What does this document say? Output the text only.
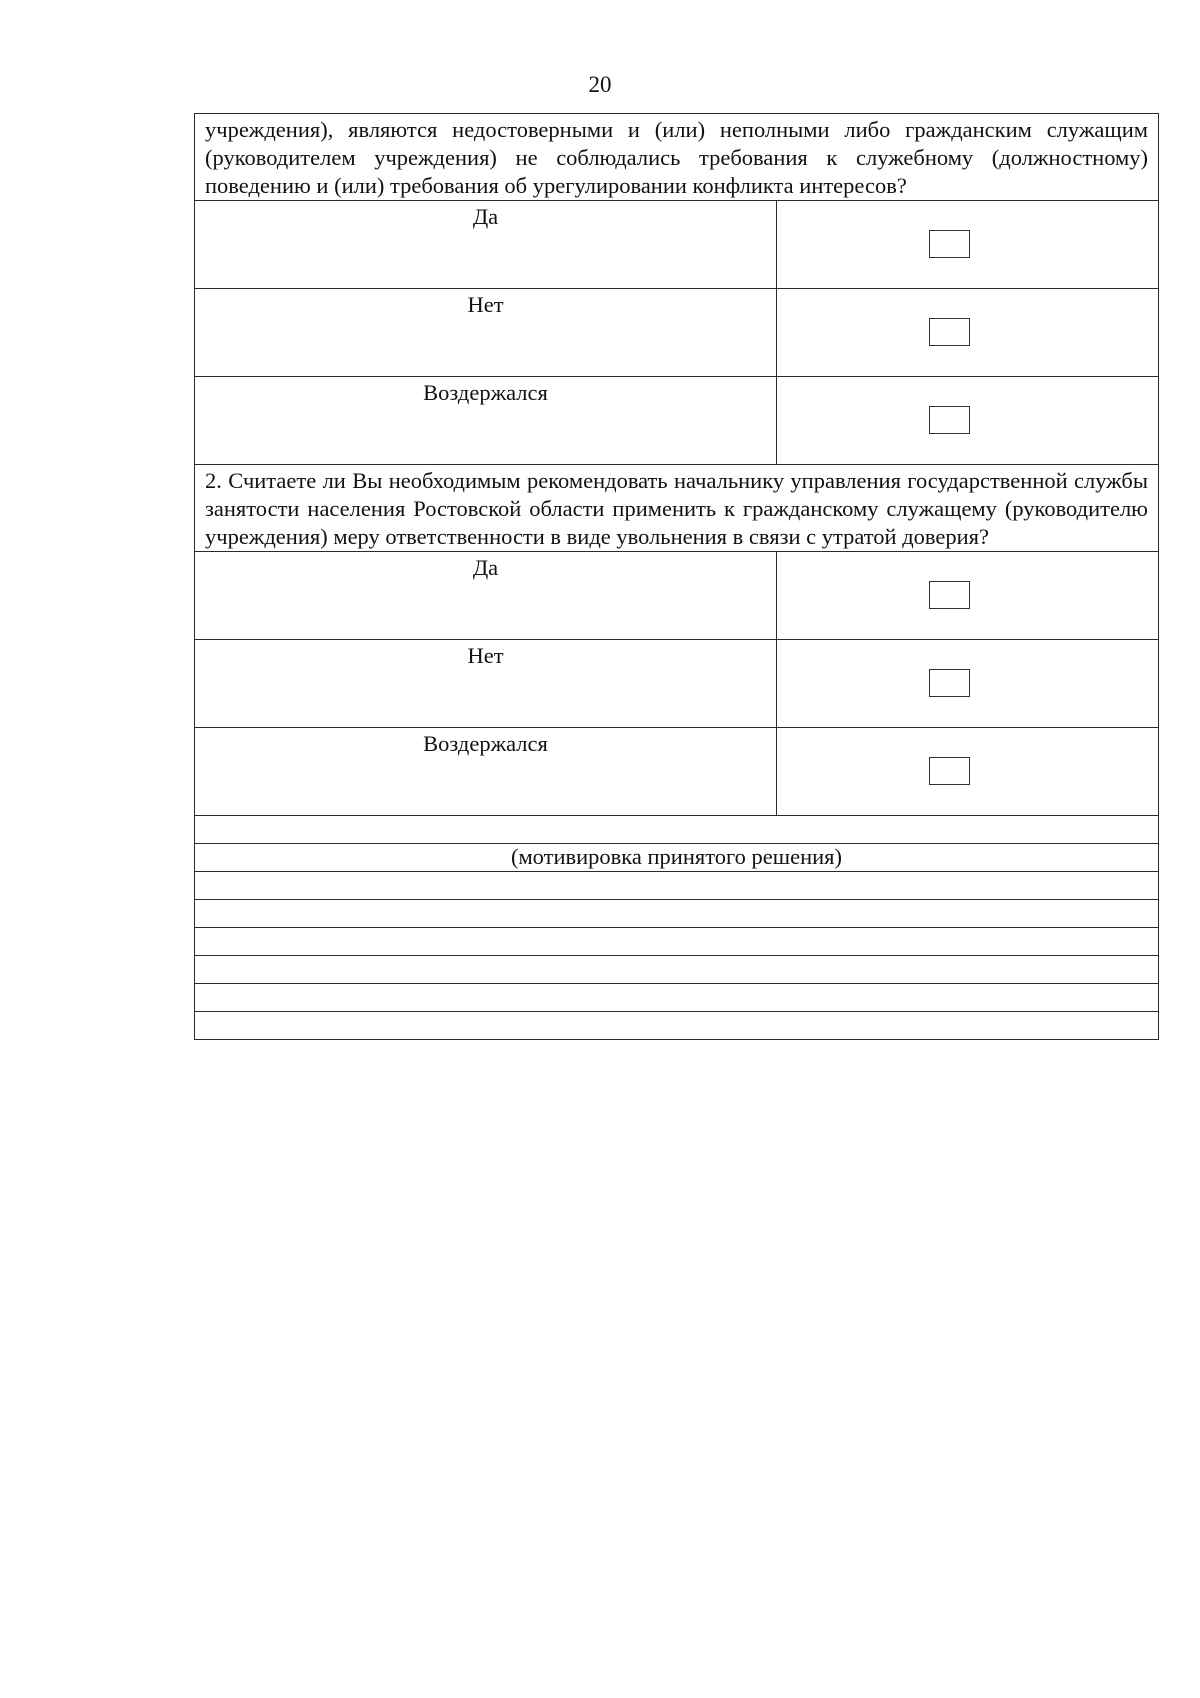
20
учреждения), являются недостоверными и (или) неполными либо гражданским служащим (руководителем учреждения) не соблюдались требования к служебному (должностному) поведению и (или) требования об урегулировании конфликта интересов?	
Да	

Нет	

Воздержался	

2. Считаете ли Вы необходимым рекомендовать начальнику управления государственной службы занятости населения Ростовской области применить к гражданскому служащему (руководителю учреждения) меру ответственности в виде увольнения в связи с утратой доверия?	
Да	

Нет	

Воздержался	

(мотивировка принятого решения)	
